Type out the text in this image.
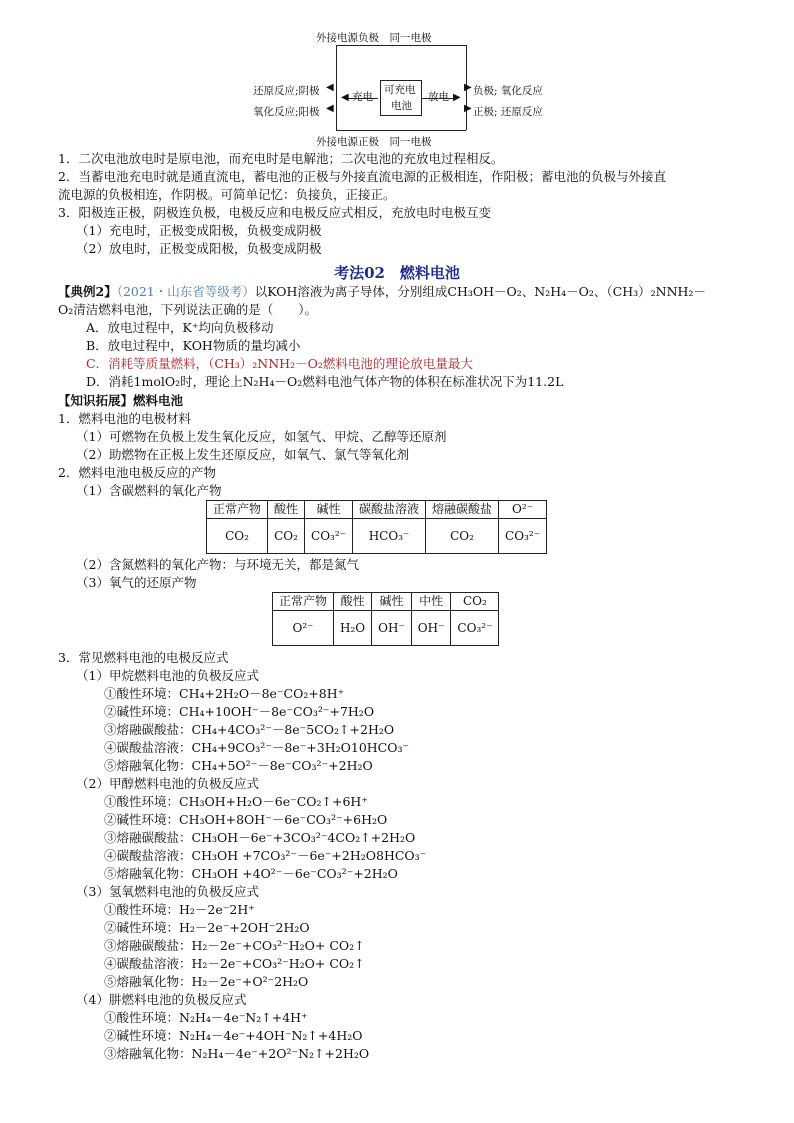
外接电源负极　同一电极
还原反应;阴极
氧化反应;阳极
◀
◀
充电
◀
可充电
电池
放电 ▶
▶
▶
负极; 氧化反应
正极; 还原反应
外接电源正极　同一电极
1．二次电池放电时是原电池，而充电时是电解池；二次电池的充放电过程相反。
2．当蓄电池充电时就是通直流电，蓄电池的正极与外接直流电源的正极相连，作阳极；蓄电池的负极与外接直
流电源的负极相连，作阴极。可简单记忆：负接负，正接正。
3．阳极连正极，阴极连负极，电极反应和电极反应式相反，充放电时电极互变
（1）充电时，正极变成阳极，负极变成阴极
（2）放电时，正极变成阳极，负极变成阴极
考法02　燃料电池
【典例2】（2021・山东省等级考）以KOH溶液为离子导体，分别组成CH₃OH－O₂、N₂H₄－O₂、（CH₃）₂NNH₂－
O₂清洁燃料电池，下列说法正确的是（　　）。
A．放电过程中，K⁺均向负极移动
B．放电过程中，KOH物质的量均减小
C．消耗等质量燃料，（CH₃）₂NNH₂－O₂燃料电池的理论放电量最大
D．消耗1molO₂时，理论上N₂H₄－O₂燃料电池气体产物的体积在标准状况下为11.2L
【知识拓展】燃料电池
1．燃料电池的电极材料
（1）可燃物在负极上发生氧化反应，如氢气、甲烷、乙醇等还原剂
（2）助燃物在正极上发生还原反应，如氧气、氯气等氧化剂
2．燃料电池电极反应的产物
（1）含碳燃料的氧化产物
正常产物	酸性	碱性	碳酸盐溶液	熔融碳酸盐	O²⁻
CO₂	CO₂	CO₃²⁻	HCO₃⁻	CO₂	CO₃²⁻
（2）含氮燃料的氧化产物：与环境无关，都是氮气
（3）氧气的还原产物
正常产物	酸性	碱性	中性	CO₂
O²⁻	H₂O	OH⁻	OH⁻	CO₃²⁻
3．常见燃料电池的电极反应式
（1）甲烷燃料电池的负极反应式
①酸性环境：CH₄+2H₂O－8e⁻CO₂+8H⁺
②碱性环境：CH₄+10OH⁻－8e⁻CO₃²⁻+7H₂O
③熔融碳酸盐：CH₄+4CO₃²⁻－8e⁻5CO₂↑+2H₂O
④碳酸盐溶液：CH₄+9CO₃²⁻－8e⁻+3H₂O10HCO₃⁻
⑤熔融氧化物：CH₄+5O²⁻－8e⁻CO₃²⁻+2H₂O
（2）甲醇燃料电池的负极反应式
①酸性环境：CH₃OH+H₂O－6e⁻CO₂↑+6H⁺
②碱性环境：CH₃OH+8OH⁻－6e⁻CO₃²⁻+6H₂O
③熔融碳酸盐：CH₃OH－6e⁻+3CO₃²⁻4CO₂↑+2H₂O
④碳酸盐溶液：CH₃OH +7CO₃²⁻－6e⁻+2H₂O8HCO₃⁻
⑤熔融氧化物：CH₃OH +4O²⁻－6e⁻CO₃²⁻+2H₂O
（3）氢氧燃料电池的负极反应式
①酸性环境：H₂－2e⁻2H⁺
②碱性环境：H₂－2e⁻+2OH⁻2H₂O
③熔融碳酸盐：H₂－2e⁻+CO₃²⁻H₂O+ CO₂↑
④碳酸盐溶液：H₂－2e⁻+CO₃²⁻H₂O+ CO₂↑
⑤熔融氧化物：H₂－2e⁻+O²⁻2H₂O
（4）肼燃料电池的负极反应式
①酸性环境：N₂H₄－4e⁻N₂↑+4H⁺
②碱性环境：N₂H₄－4e⁻+4OH⁻N₂↑+4H₂O
③熔融氧化物：N₂H₄－4e⁻+2O²⁻N₂↑+2H₂O
